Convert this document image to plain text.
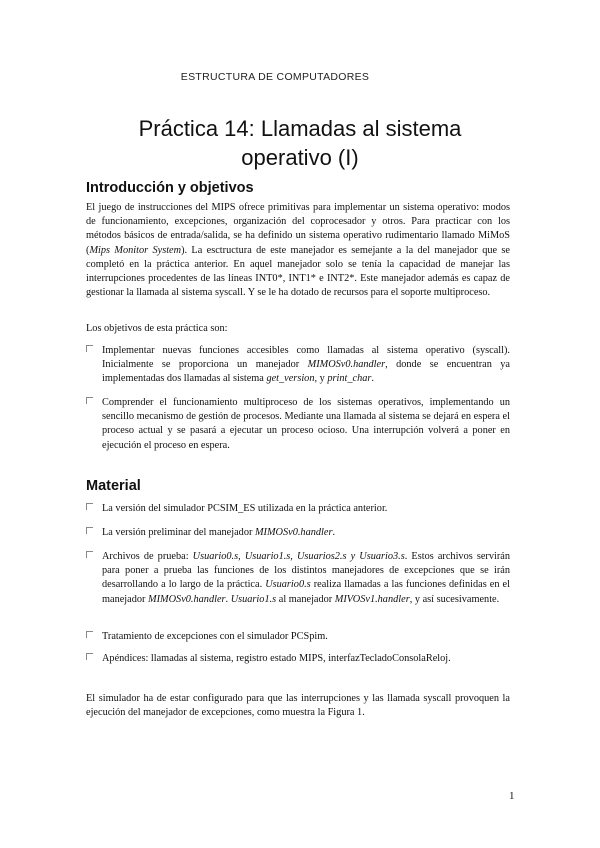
ESTRUCTURA DE COMPUTADORES
Práctica 14: Llamadas al sistema
operativo (I)
Introducción y objetivos

El juego de instrucciones del MIPS ofrece primitivas para implementar un sistema operativo: modos de funcionamiento, excepciones, organización del coprocesador y otros. Para practicar con los métodos básicos de entrada/salida, se ha definido un sistema operativo rudimentario llamado MiMoS (Mips Monitor System). La esctructura de este manejador es semejante a la del manejador que se completó en la práctica anterior. En aquel manejador solo se tenía la capacidad de manejar las interrupciones procedentes de las líneas INT0*, INT1* e INT2*. Este manejador además es capaz de gestionar la llamada al sistema syscall. Y se le ha dotado de recursos para el soporte multiproceso.

Los objetivos de esta práctica son:

Implementar nuevas funciones accesibles como llamadas al sistema operativo (syscall). Inicialmente se proporciona un manejador MIMOSv0.handler, donde se encuentran ya implementadas dos llamadas al sistema get_version, y print_char.

Comprender el funcionamiento multiproceso de los sistemas operativos, implementando un sencillo mecanismo de gestión de procesos. Mediante una llamada al sistema se dejará en espera el proceso actual y se pasará a ejecutar un proceso ocioso. Una interrupción volverá a poner en ejecución el proceso en espera.

Material

La versión del simulador PCSIM_ES utilizada en la práctica anterior.

La versión preliminar del manejador MIMOSv0.handler.

Archivos de prueba: Usuario0.s, Usuario1.s, Usuarios2.s y Usuario3.s. Estos archivos servirán para poner a prueba las funciones de los distintos manejadores de excepciones que se irán desarrollando a lo largo de la práctica. Usuario0.s realiza llamadas a las funciones definidas en el manejador MIMOSv0.handler. Usuario1.s al manejador MIVOSv1.handler, y así sucesivamente.

Tratamiento de excepciones con el simulador PCSpim.

Apéndices: llamadas al sistema, registro estado MIPS, interfazTecladoConsolaReloj.

El simulador ha de estar configurado para que las interrupciones y las llamada syscall provoquen la ejecución del manejador de excepciones, como muestra la Figura 1.

1
